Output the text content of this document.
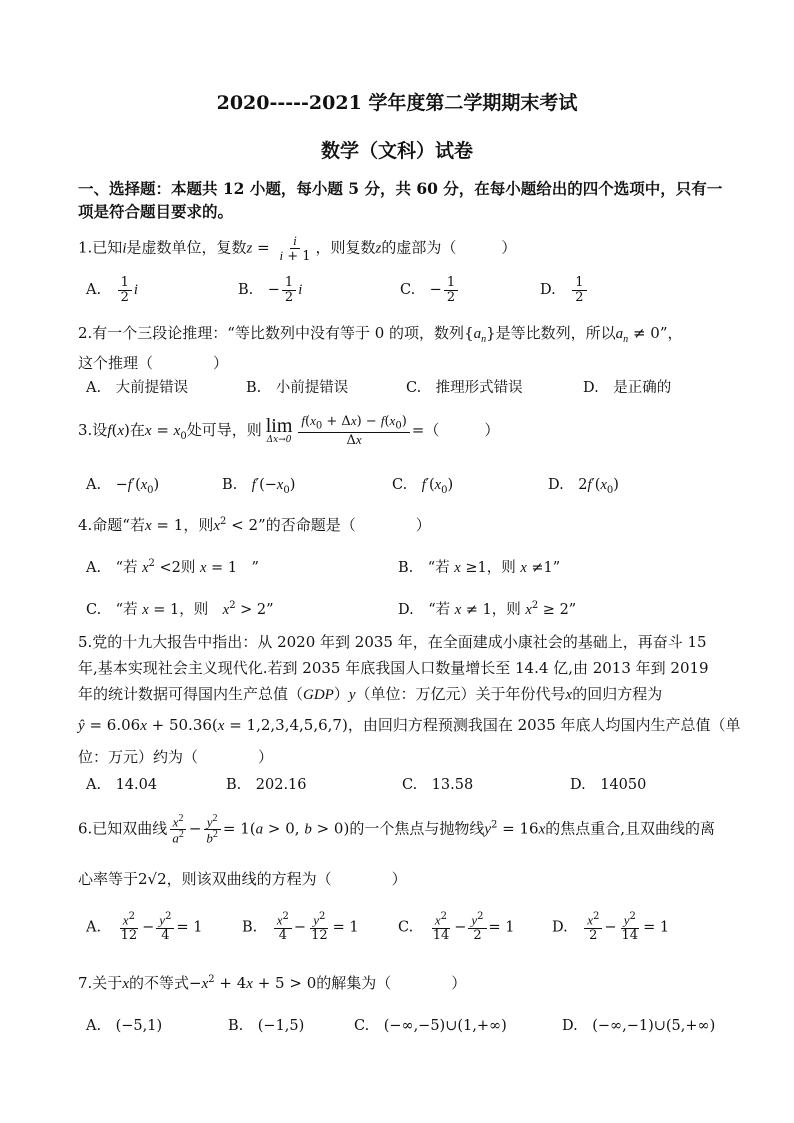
2020-----2021 学年度第二学期期末考试
数学（文科）试卷
一、选择题：本题共 12 小题，每小题 5 分，共 60 分，在每小题给出的四个选项中，只有一
项是符合题目要求的。
1.已知i是虚数单位，复数$z = \frac{i}{i + 1}$ ，则复数z的虚部为（　　　）
A.　 $\frac{1}{2}$ i	B.　− $\frac{1}{2}$ i	C.　− $\frac{1}{2}$	D.　 $\frac{1}{2}$
2.有一个三段论推理：“等比数列中没有等于 0 的项，数列$\{a_n\}$是等比数列，所以$a_n \ne 0$”，
这个推理（　　　　）
A.　大前提错误	B.　小前提错误	C.　推理形式错误	D.　是正确的
3.设f(x)在$x = x_0$处可导，则 lim
$\Delta x\to 0 \frac{f(x_0 + \Delta x) - f(x_0)}{\Delta x}$ =（　　　）
A.　$-f'(x_0)$	B.　 $f'(-x_0)$	C.　 $f'(x_0)$	D.　$2f'(x_0)$
4.命题“若x = 1，则$x^2 < 2$”的否命题是（　　　　）
A.　“若 $x^2 <2$则 x = 1　”	B.　“若 x ≥1，则 x ≠1”
C.　“若 x = 1，则　$x^2 > 2$”	D.　“若 x ≠ 1，则 $x^2 \ge 2$”
5.党的十九大报告中指出：从 2020 年到 2035 年，在全面建成小康社会的基础上，再奋斗 15
年,基本实现社会主义现代化.若到 2035 年底我国人口数量增长至 14.4 亿,由 2013 年到 2019
年的统计数据可得国内生产总值（GDP）y（单位：万亿元）关于年份代号x的回归方程为
ŷ = 6.06x + 50.36(x = 1,2,3,4,5,6,7)，由回归方程预测我国在 2035 年底人均国内生产总值（单
位：万元）约为（　　　　）
A.　14.04	B.　202.16	C.　13.58	D.　14050
6.已知双曲线 $\frac{x^2}{a^2} - \frac{y^2}{b^2} = 1(a > 0$, b > 0)的一个焦点与抛物线$y^2 = 16x$的焦点重合,且双曲线的离
心率等于2√2，则该双曲线的方程为（　　　　）
A.　 $\frac{x^2}{12} - \frac{y^2}{4} = 1$	B.　 $\frac{x^2}{4} - \frac{y^2}{12} = 1$	C.　 $\frac{x^2}{14} - \frac{y^2}{2} = 1$	D.　 $\frac{x^2}{2} - \frac{y^2}{14} = 1$
7.关于x的不等式$-x^2 + 4x + 5 > 0$的解集为（　　　　）
A.　 (−5,1)	B.　 (−1,5)	C.　 (−∞,−5)∪(1,+∞)	D.　 (−∞,−1)∪(5,+∞)
